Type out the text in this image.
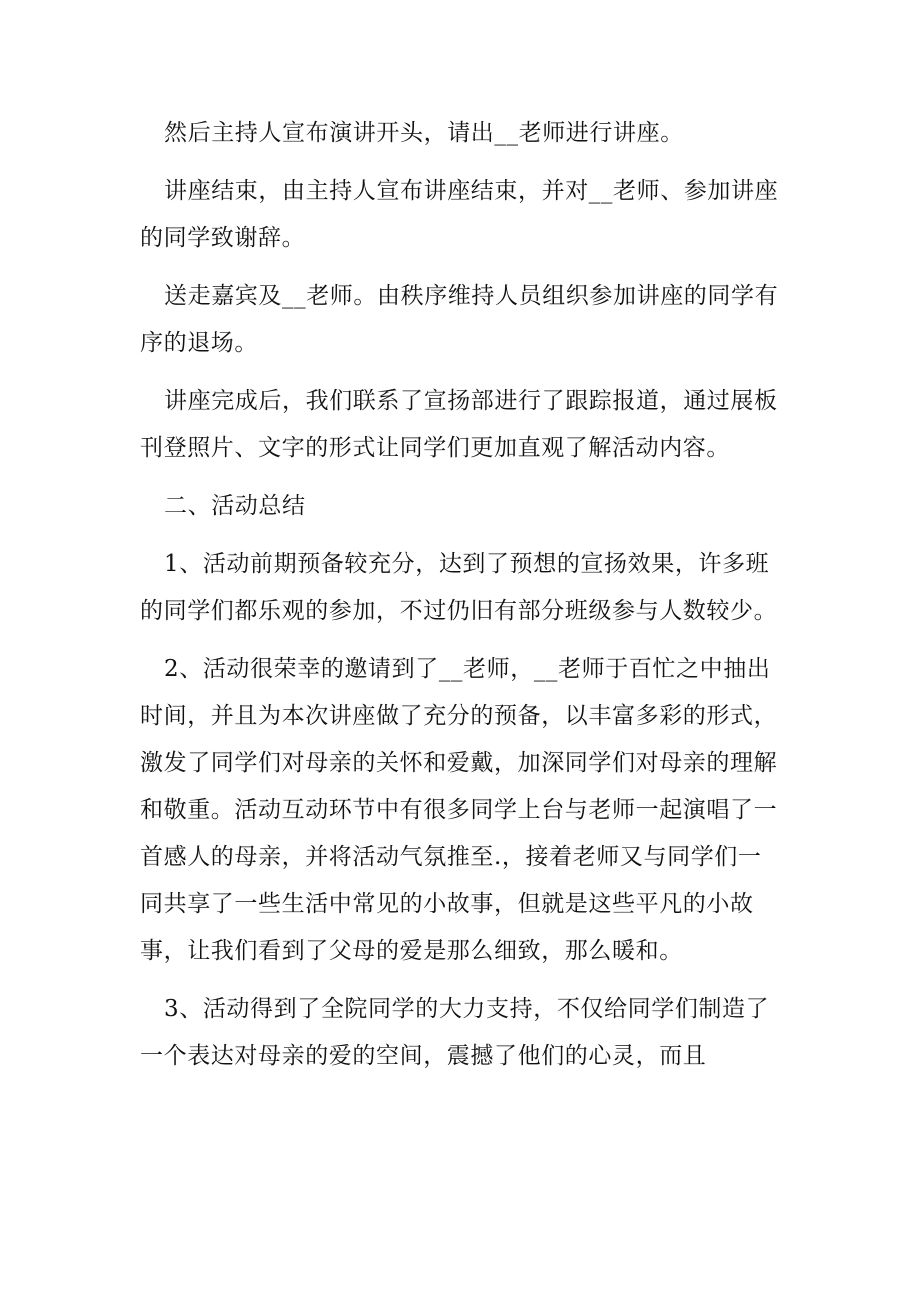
然后主持人宣布演讲开头，请出__老师进行讲座。

讲座结束，由主持人宣布讲座结束，并对__老师、参加讲座的同学致谢辞。

送走嘉宾及__老师。由秩序维持人员组织参加讲座的同学有序的退场。

讲座完成后，我们联系了宣扬部进行了跟踪报道，通过展板刊登照片、文字的形式让同学们更加直观了解活动内容。

二、活动总结

1、活动前期预备较充分，达到了预想的宣扬效果，许多班的同学们都乐观的参加，不过仍旧有部分班级参与人数较少。

2、活动很荣幸的邀请到了__老师，__老师于百忙之中抽出时间，并且为本次讲座做了充分的预备，以丰富多彩的形式，激发了同学们对母亲的关怀和爱戴，加深同学们对母亲的理解和敬重。活动互动环节中有很多同学上台与老师一起演唱了一首感人的母亲，并将活动气氛推至.，接着老师又与同学们一同共享了一些生活中常见的小故事，但就是这些平凡的小故事，让我们看到了父母的爱是那么细致，那么暖和。

3、活动得到了全院同学的大力支持，不仅给同学们制造了一个表达对母亲的爱的空间，震撼了他们的心灵，而且
